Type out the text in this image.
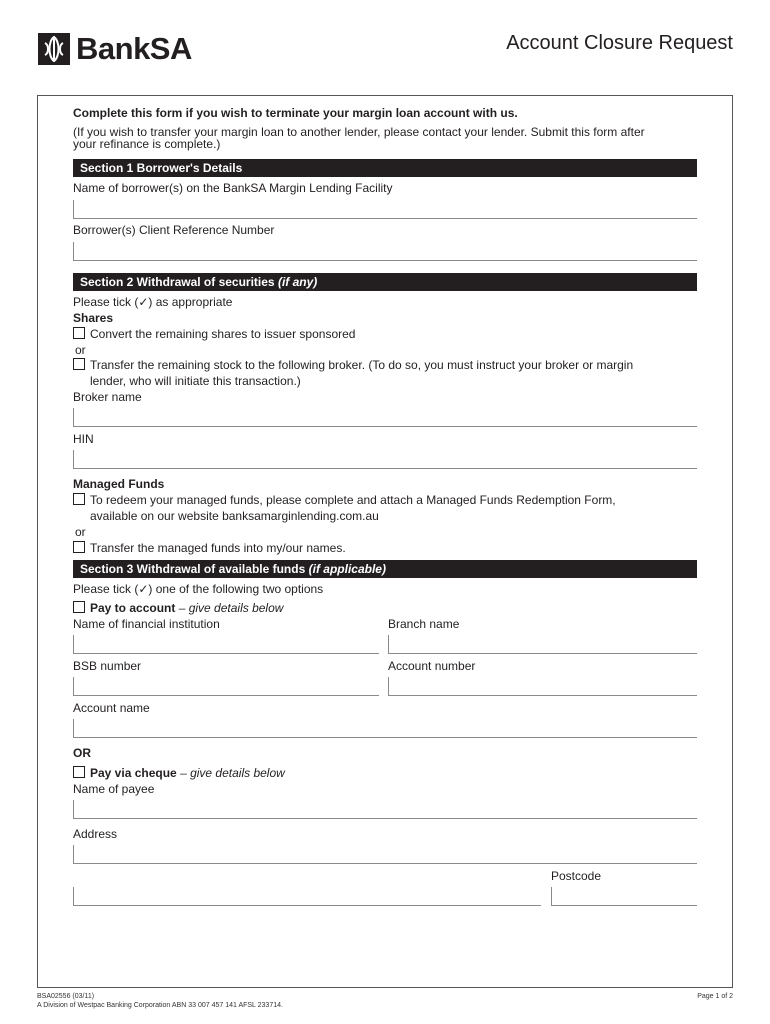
BankSA	Account Closure Request
Complete this form if you wish to terminate your margin loan account with us.
(If you wish to transfer your margin loan to another lender, please contact your lender. Submit this form after
your refinance is complete.)
Section 1 Borrower's Details
Name of borrower(s) on the BankSA Margin Lending Facility
Borrower(s) Client Reference Number
Section 2 Withdrawal of securities (if any)
Please tick (✓) as appropriate
Shares
Convert the remaining shares to issuer sponsored
or
Transfer the remaining stock to the following broker. (To do so, you must instruct your broker or margin
lender, who will initiate this transaction.)
Broker name
HIN
Managed Funds
To redeem your managed funds, please complete and attach a Managed Funds Redemption Form,
available on our website banksamarginlending.com.au
or
Transfer the managed funds into my/our names.
Section 3 Withdrawal of available funds (if applicable)
Please tick (✓) one of the following two options
Pay to account – give details below
Name of financial institution	Branch name
BSB number	Account number
Account name
OR
Pay via cheque – give details below
Name of payee
Address
Postcode
BSA02556 (03/11)
A Division of Westpac Banking Corporation ABN 33 007 457 141 AFSL 233714.
Page 1 of 2
